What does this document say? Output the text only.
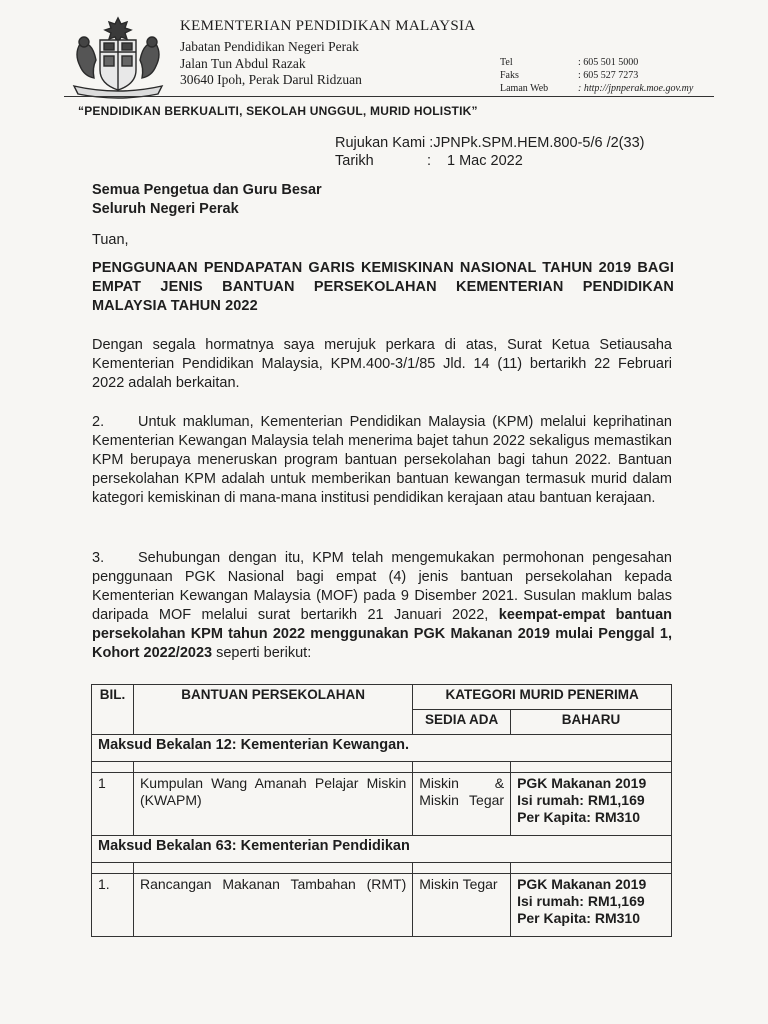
KEMENTERIAN PENDIDIKAN MALAYSIA
Jabatan Pendidikan Negeri Perak
Jalan Tun Abdul Razak
30640 Ipoh, Perak Darul Ridzuan
Tel	: 605 501 5000
Faks	: 605 527 7273
Laman Web	: http://jpnperak.moe.gov.my
“PENDIDIKAN BERKUALITI, SEKOLAH UNGGUL, MURID HOLISTIK”
Rujukan Kami :JPNPk.SPM.HEM.800-5/6 /2(33)
Tarikh	: 1 Mac 2022
Semua Pengetua dan Guru Besar
Seluruh Negeri Perak
Tuan,
PENGGUNAAN PENDAPATAN GARIS KEMISKINAN NASIONAL TAHUN 2019 BAGI EMPAT JENIS BANTUAN PERSEKOLAHAN KEMENTERIAN PENDIDIKAN MALAYSIA TAHUN 2022
Dengan segala hormatnya saya merujuk perkara di atas, Surat Ketua Setiausaha Kementerian Pendidikan Malaysia, KPM.400-3/1/85 Jld. 14 (11) bertarikh 22 Februari 2022 adalah berkaitan.
2. Untuk makluman, Kementerian Pendidikan Malaysia (KPM) melalui keprihatinan Kementerian Kewangan Malaysia telah menerima bajet tahun 2022 sekaligus memastikan KPM berupaya meneruskan program bantuan persekolahan bagi tahun 2022. Bantuan persekolahan KPM adalah untuk memberikan bantuan kewangan termasuk murid dalam kategori kemiskinan di mana-mana institusi pendidikan kerajaan atau bantuan kerajaan.
3. Sehubungan dengan itu, KPM telah mengemukakan permohonan pengesahan penggunaan PGK Nasional bagi empat (4) jenis bantuan persekolahan kepada Kementerian Kewangan Malaysia (MOF) pada 9 Disember 2021. Susulan maklum balas daripada MOF melalui surat bertarikh 21 Januari 2022, keempat-empat bantuan persekolahan KPM tahun 2022 menggunakan PGK Makanan 2019 mulai Penggal 1, Kohort 2022/2023 seperti berikut:
BIL.	BANTUAN PERSEKOLAHAN	KATEGORI MURID PENERIMA	
		SEDIA ADA	BAHARU
Maksud Bekalan 12: Kementerian Kewangan.			

1	Kumpulan Wang Amanah Pelajar Miskin (KWAPM)	Miskin & Miskin Tegar	PGK Makanan 2019
Isi rumah: RM1,169
Per Kapita: RM310

Maksud Bekalan 63: Kementerian Pendidikan			

1.	Rancangan Makanan Tambahan (RMT)	Miskin Tegar	PGK Makanan 2019
Isi rumah: RM1,169
Per Kapita: RM310
